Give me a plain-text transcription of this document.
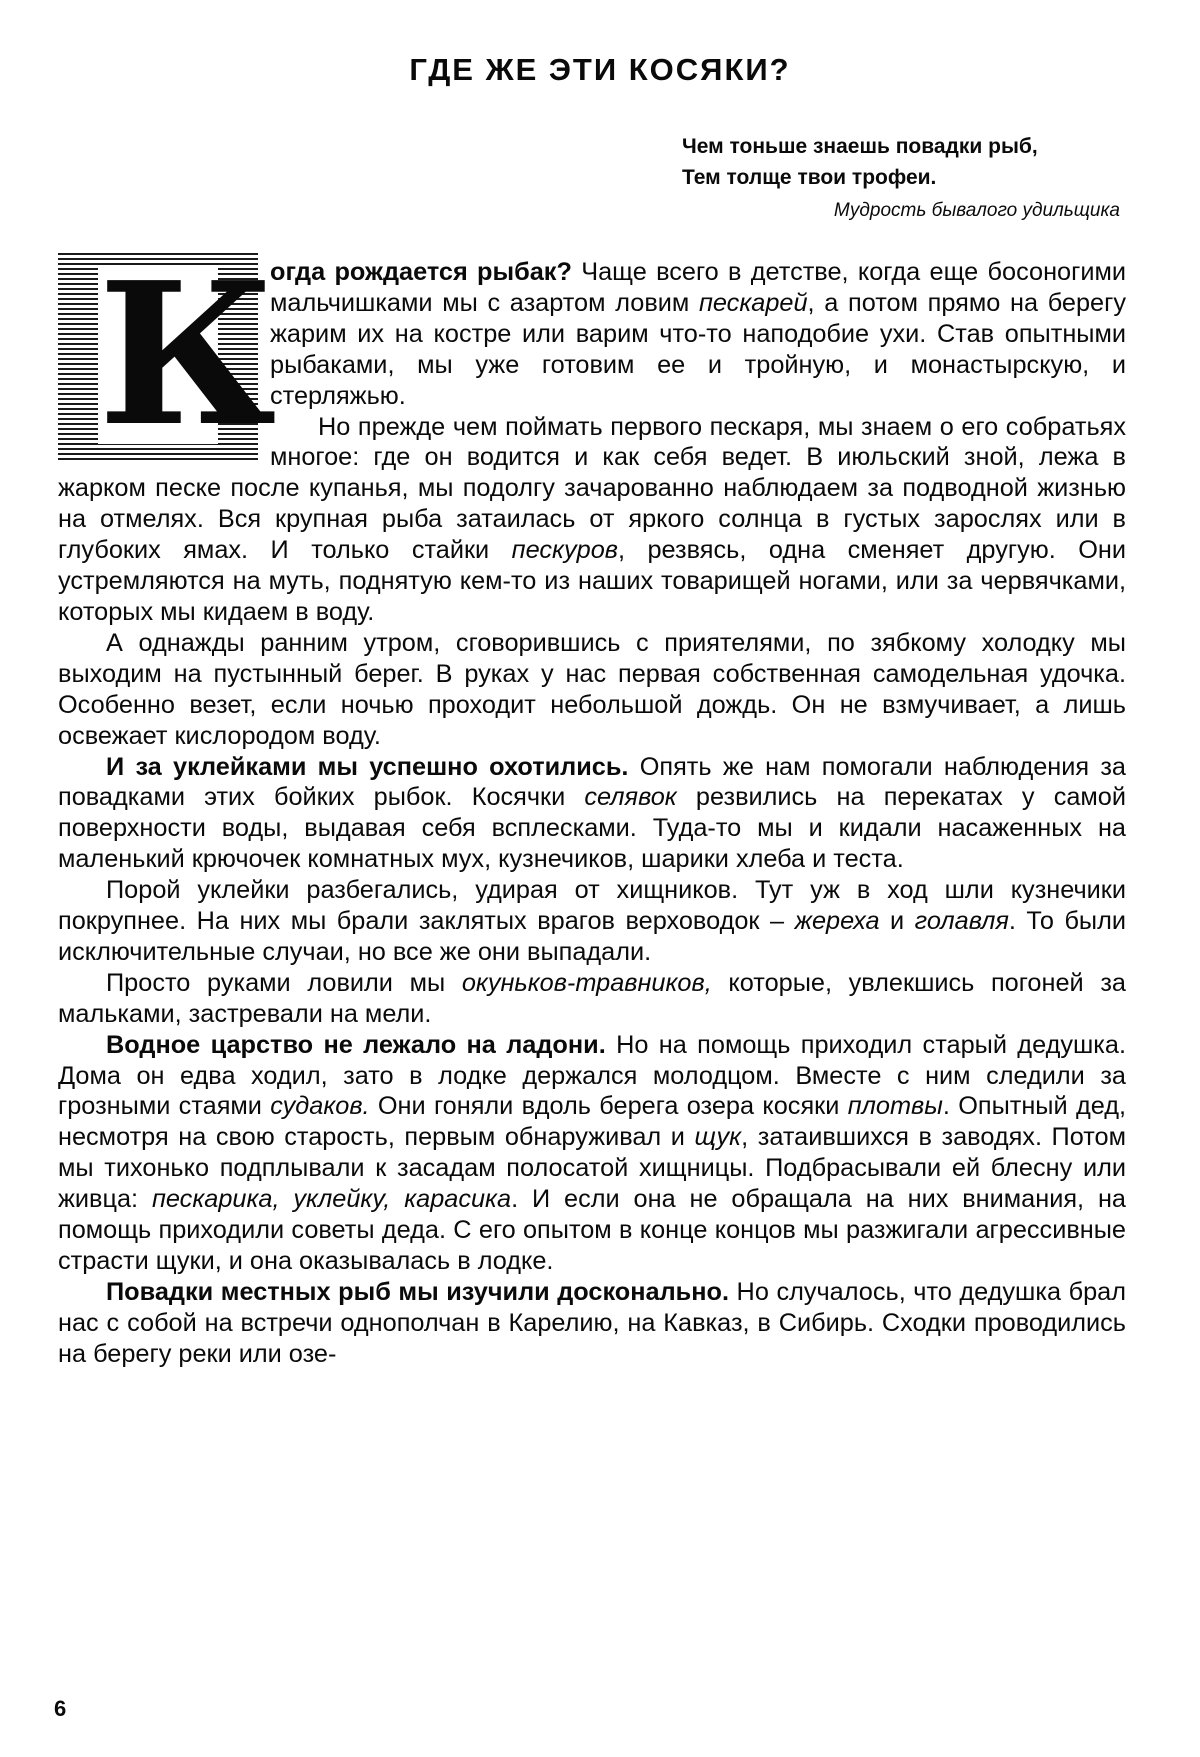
ГДЕ ЖЕ ЭТИ КОСЯКИ?
Чем тоньше знаешь повадки рыб,
Тем толще твои трофеи.
Мудрость бывалого удильщика

К
огда рождается рыбак? Чаще всего в детстве, когда еще босоногими мальчишками мы с азартом ловим пескарей, а потом прямо на берегу жарим их на костре или варим что-то наподобие ухи. Став опытными рыбаками, мы уже готовим ее и тройную, и монастырскую, и стерляжью.

Но прежде чем поймать первого пескаря, мы знаем о его собратьях многое: где он водится и как себя ведет. В июльский зной, лежа в жарком песке после купанья, мы подолгу зачарованно наблюдаем за подводной жизнью на отмелях. Вся крупная рыба затаилась от яркого солнца в густых зарослях или в глубоких ямах. И только стайки пескуров, резвясь, одна сменяет другую. Они устремляются на муть, поднятую кем-то из наших товарищей ногами, или за червячками, которых мы кидаем в воду.

А однажды ранним утром, сговорившись с приятелями, по зябкому холодку мы выходим на пустынный берег. В руках у нас первая собственная самодельная удочка. Особенно везет, если ночью проходит небольшой дождь. Он не взмучивает, а лишь освежает кислородом воду.

И за уклейками мы успешно охотились. Опять же нам помогали наблюдения за повадками этих бойких рыбок. Косячки селявок резвились на перекатах у самой поверхности воды, выдавая себя всплесками. Туда-то мы и кидали насаженных на маленький крючочек комнатных мух, кузнечиков, шарики хлеба и теста.

Порой уклейки разбегались, удирая от хищников. Тут уж в ход шли кузнечики покрупнее. На них мы брали заклятых врагов верховодок – жереха и голавля. То были исключительные случаи, но все же они выпадали.

Просто руками ловили мы окуньков-травников, которые, увлекшись погоней за мальками, застревали на мели.

Водное царство не лежало на ладони. Но на помощь приходил старый дедушка. Дома он едва ходил, зато в лодке держался молодцом. Вместе с ним следили за грозными стаями судаков. Они гоняли вдоль берега озера косяки плотвы. Опытный дед, несмотря на свою старость, первым обнаруживал и щук, затаившихся в заводях. Потом мы тихонько подплывали к засадам полосатой хищницы. Подбрасывали ей блесну или живца: пескарика, уклейку, карасика. И если она не обращала на них внимания, на помощь приходили советы деда. С его опытом в конце концов мы разжигали агрессивные страсти щуки, и она оказывалась в лодке.

Повадки местных рыб мы изучили досконально. Но случалось, что дедушка брал нас с собой на встречи однополчан в Карелию, на Кавказ, в Сибирь. Сходки проводились на берегу реки или озе-

6
